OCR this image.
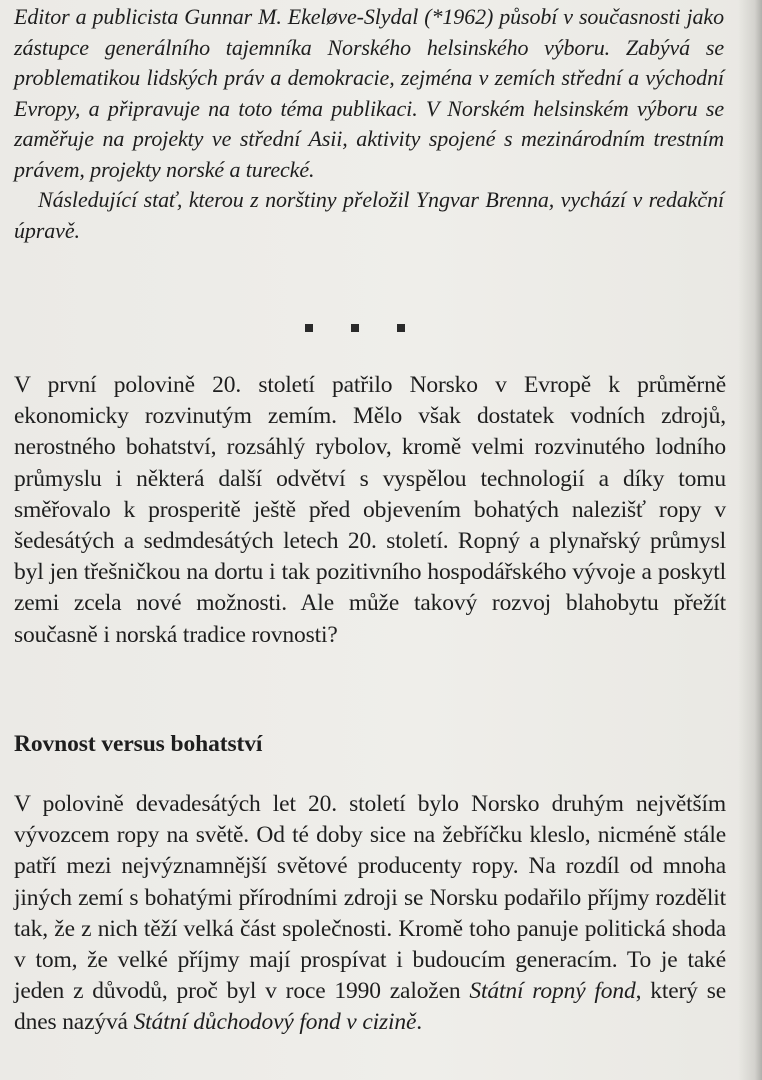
Editor a publicista Gunnar M. Ekeløve-Slydal (*1962) působí v současnosti jako zástupce generálního tajemníka Norského helsinského výboru. Zabývá se problematikou lidských práv a demokracie, zejména v zemích střední a východní Evropy, a připravuje na toto téma publikaci. V Norském helsinském výboru se zaměřuje na projekty ve střední Asii, aktivity spojené s mezinárodním trestním právem, projekty norské a turecké.

Následující stať, kterou z norštiny přeložil Yngvar Brenna, vychází v redakční úpravě.

V první polovině 20. století patřilo Norsko v Evropě k průměrně ekonomicky rozvinutým zemím. Mělo však dostatek vodních zdrojů, nerostného bohatství, rozsáhlý rybolov, kromě velmi rozvinutého lodního průmyslu i některá další odvětví s vyspělou technologií a díky tomu směřovalo k prosperitě ještě před objevením bohatých nalezišť ropy v šedesátých a sedmdesátých letech 20. století. Ropný a plynařský průmysl byl jen třešničkou na dortu i tak pozitivního hospodářského vývoje a poskytl zemi zcela nové možnosti. Ale může takový rozvoj blahobytu přežít současně i norská tradice rovnosti?

Rovnost versus bohatství

V polovině devadesátých let 20. století bylo Norsko druhým největším vývozcem ropy na světě. Od té doby sice na žebříčku kleslo, nicméně stále patří mezi nejvýznamnější světové producenty ropy. Na rozdíl od mnoha jiných zemí s bohatými přírodními zdroji se Norsku podařilo příjmy rozdělit tak, že z nich těží velká část společnosti. Kromě toho panuje politická shoda v tom, že velké příjmy mají prospívat i budoucím generacím. To je také jeden z důvodů, proč byl v roce 1990 založen Státní ropný fond, který se dnes nazývá Státní důchodový fond v cizině.
